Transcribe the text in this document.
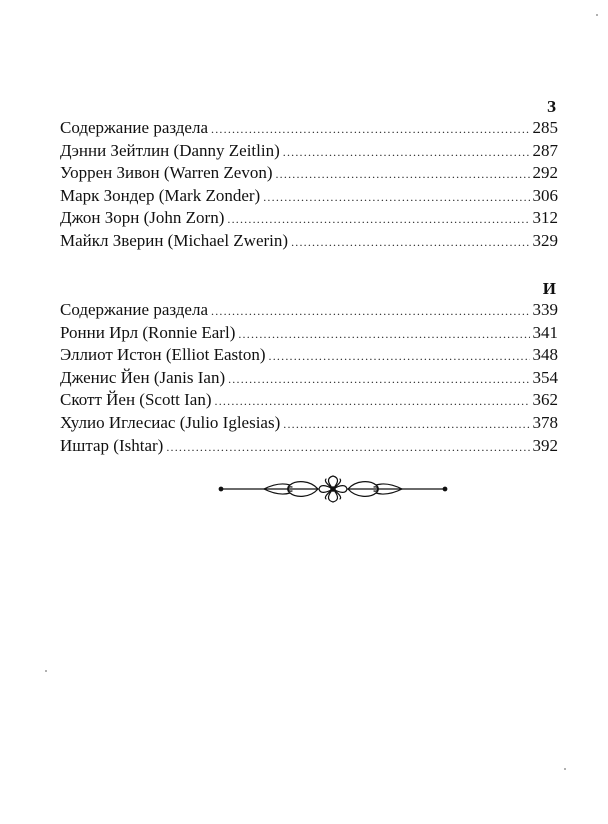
З
Содержание раздела .....	285
Дэнни Зейтлин (Danny Zeitlin) .....	287
Уоррен Зивон (Warren Zevon) .....	292
Марк Зондер (Mark Zonder) .....	306
Джон Зорн (John Zorn) .....	312
Майкл Зверин (Michael Zwerin) .....	329
И
Содержание раздела .....	339
Ронни Ирл (Ronnie Earl) .....	341
Эллиот Истон (Elliot Easton) .....	348
Дженис Йен (Janis Ian) .....	354
Скотт Йен (Scott Ian) .....	362
Хулио Иглесиас (Julio Iglesias) .....	378
Иштар (Ishtar) .....	392
